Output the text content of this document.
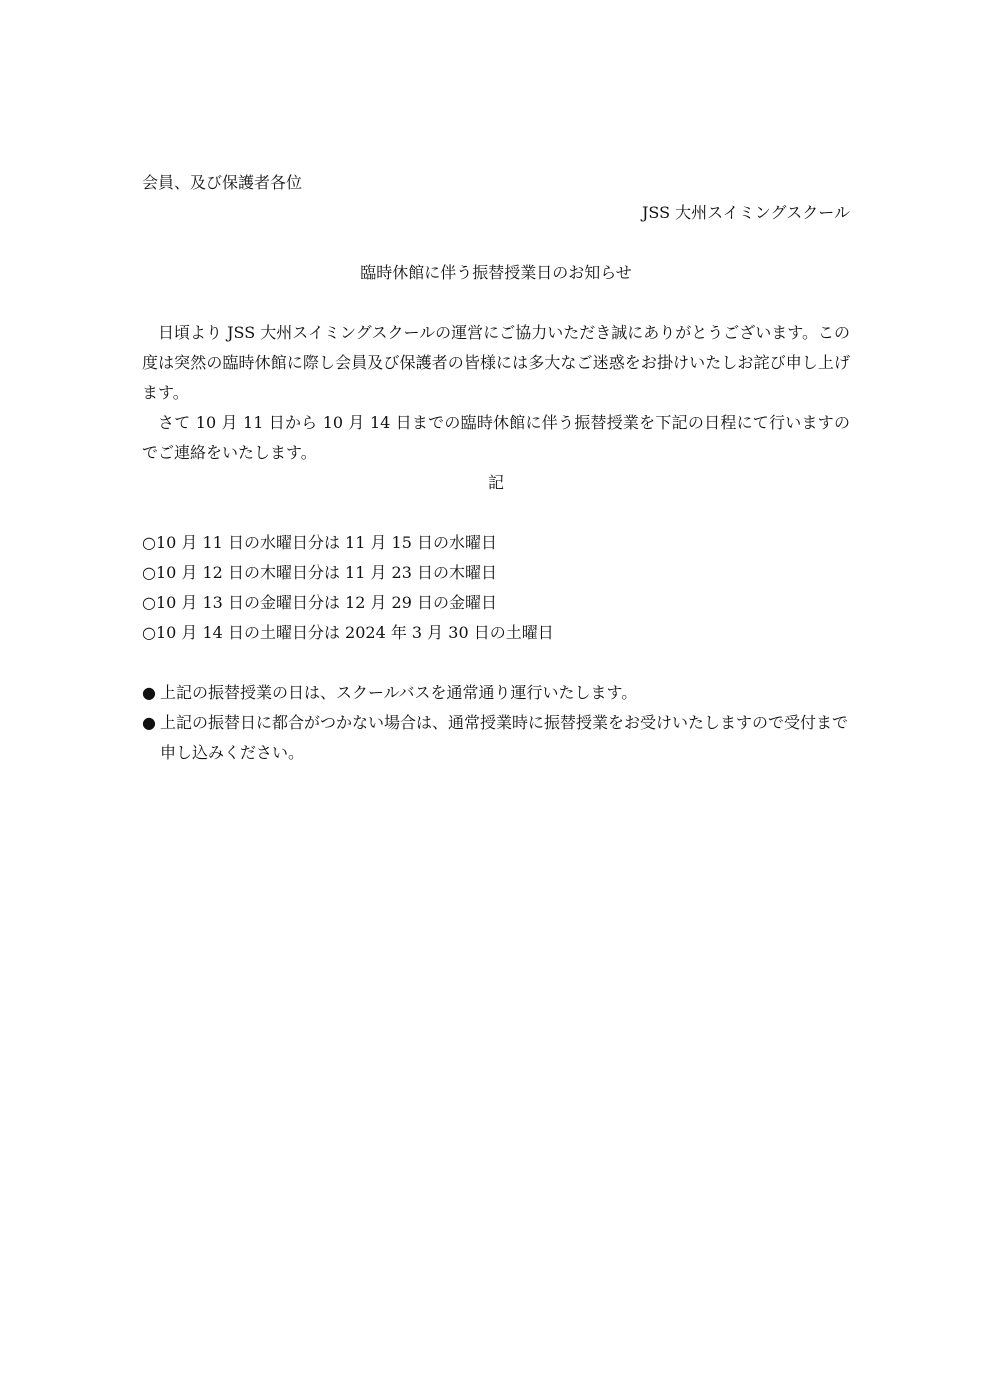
会員、及び保護者各位
JSS 大州スイミングスクール
臨時休館に伴う振替授業日のお知らせ
日頃より JSS 大州スイミングスクールの運営にご協力いただき誠にありがとうございます。この度は突然の臨時休館に際し会員及び保護者の皆様には多大なご迷惑をお掛けいたしお詫び申し上げます。
さて 10 月 11 日から 10 月 14 日までの臨時休館に伴う振替授業を下記の日程にて行いますのでご連絡をいたします。
記
○10 月 11 日の水曜日分は 11 月 15 日の水曜日
○10 月 12 日の木曜日分は 11 月 23 日の木曜日
○10 月 13 日の金曜日分は 12 月 29 日の金曜日
○10 月 14 日の土曜日分は 2024 年 3 月 30 日の土曜日
● 上記の振替授業の日は、スクールバスを通常通り運行いたします。
● 上記の振替日に都合がつかない場合は、通常授業時に振替授業をお受けいたしますので受付まで申し込みください。
